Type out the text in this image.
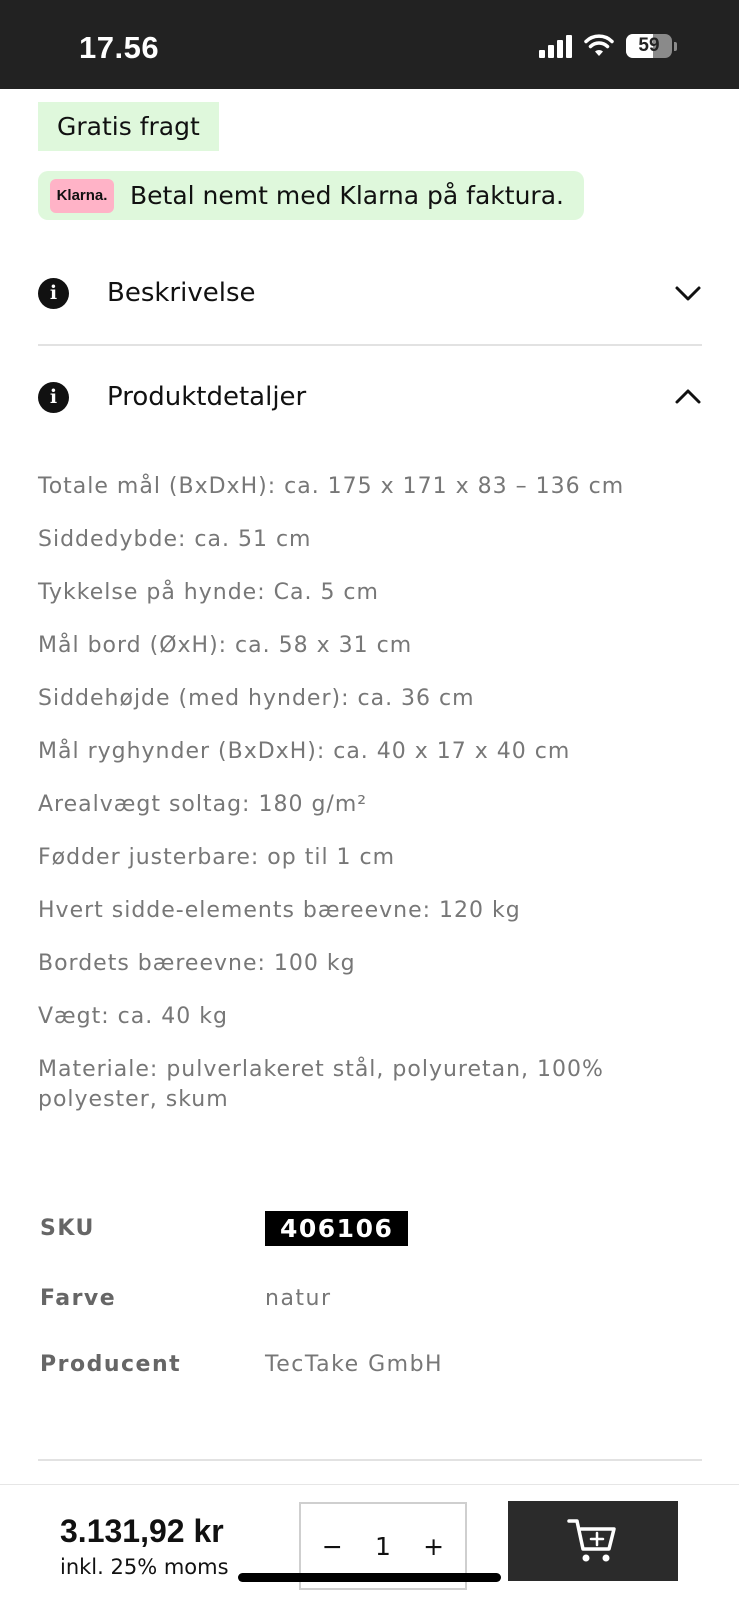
17.56	59
Gratis fragt
Klarna. Betal nemt med Klarna på faktura.
i	Beskrivelse
i	Produktdetaljer
Totale mål (BxDxH): ca. 175 x 171 x 83 – 136 cm
Siddedybde: ca. 51 cm
Tykkelse på hynde: Ca. 5 cm
Mål bord (ØxH): ca. 58 x 31 cm
Siddehøjde (med hynder): ca. 36 cm
Mål ryghynder (BxDxH): ca. 40 x 17 x 40 cm
Arealvægt soltag: 180 g/m²
Fødder justerbare: op til 1 cm
Hvert sidde-elements bæreevne: 120 kg
Bordets bæreevne: 100 kg
Vægt: ca. 40 kg
Materiale: pulverlakeret stål, polyuretan, 100% polyester, skum
SKU	406106
Farve	natur
Producent	TecTake GmbH
3.131,92 kr
inkl. 25% moms
−	1	+
